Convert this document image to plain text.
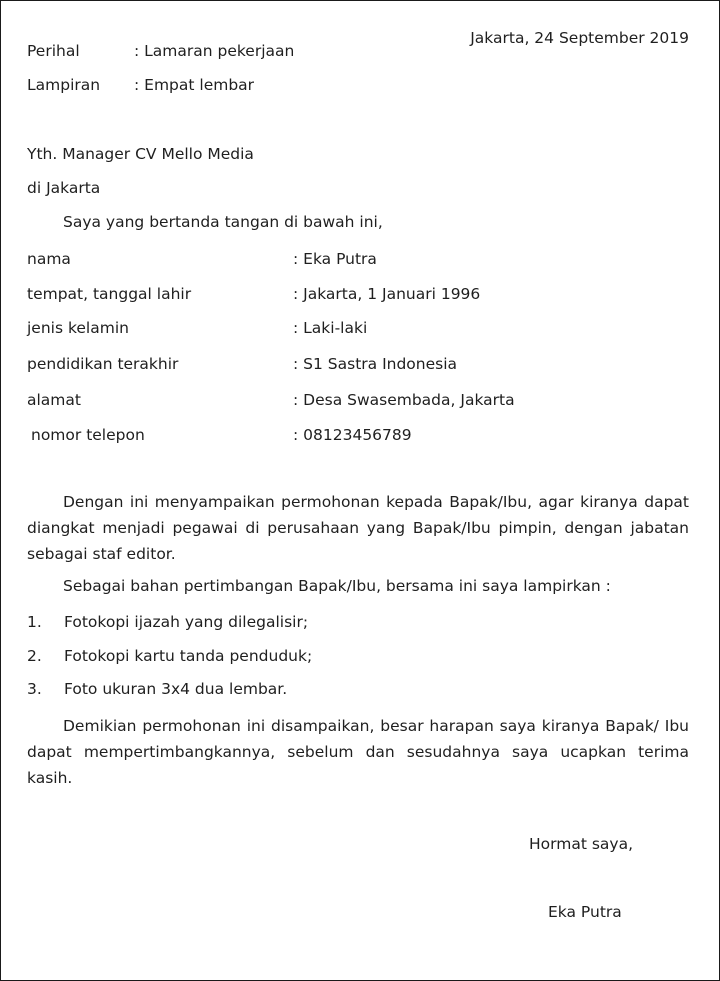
Jakarta, 24 September 2019
Perihal	: Lamaran pekerjaan
Lampiran : Empat lembar
Yth. Manager CV Mello Media
di Jakarta
Saya yang bertanda tangan di bawah ini,
nama	: Eka Putra
tempat, tanggal lahir	: Jakarta, 1 Januari 1996
jenis kelamin	: Laki-laki
pendidikan terakhir	: S1 Sastra Indonesia
alamat	: Desa Swasembada, Jakarta
nomor telepon	: 08123456789
Dengan ini menyampaikan permohonan kepada Bapak/Ibu, agar kiranya dapat diangkat menjadi pegawai di perusahaan yang Bapak/Ibu pimpin, dengan jabatan sebagai staf editor.
Sebagai bahan pertimbangan Bapak/Ibu, bersama ini saya lampirkan :
1. Fotokopi ijazah yang dilegalisir;
2. Fotokopi kartu tanda penduduk;
3. Foto ukuran 3x4 dua lembar.
Demikian permohonan ini disampaikan, besar harapan saya kiranya Bapak/ Ibu dapat mempertimbangkannya, sebelum dan sesudahnya saya ucapkan terima kasih.
Hormat saya,
Eka Putra
